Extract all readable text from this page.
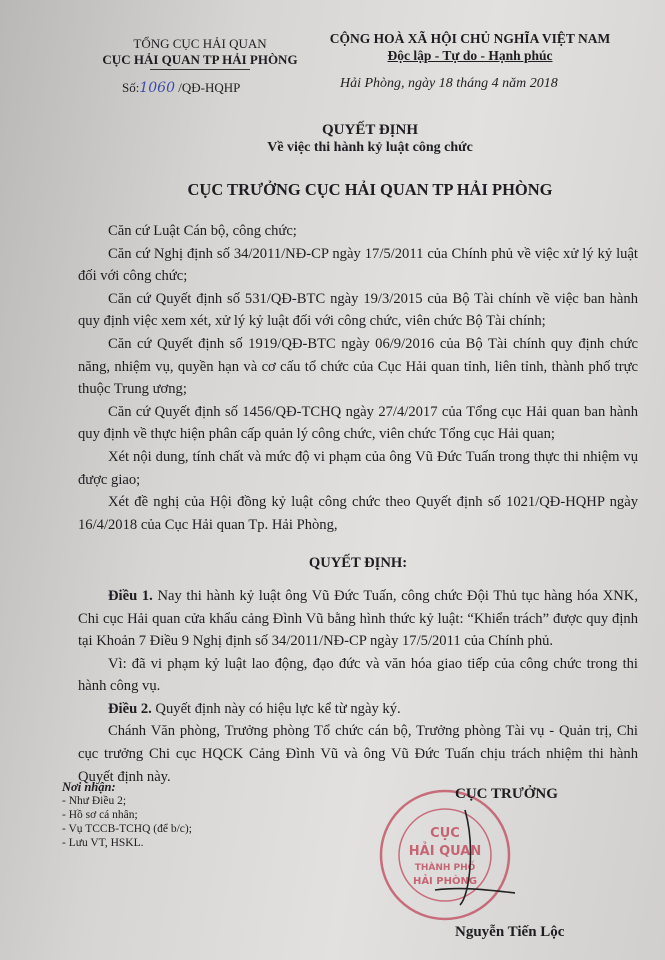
TỔNG CỤC HẢI QUAN
CỤC HẢI QUAN TP HẢI PHÒNG
CỘNG HOÀ XÃ HỘI CHỦ NGHĨA VIỆT NAM
Độc lập - Tự do - Hạnh phúc
Số:1060 /QĐ-HQHP	Hải Phòng, ngày 18 tháng 4 năm 2018
QUYẾT ĐỊNH
Về việc thi hành kỷ luật công chức
CỤC TRƯỞNG CỤC HẢI QUAN TP HẢI PHÒNG

Căn cứ Luật Cán bộ, công chức;

Căn cứ Nghị định số 34/2011/NĐ-CP ngày 17/5/2011 của Chính phủ về việc xử lý kỷ luật đối với công chức;

Căn cứ Quyết định số 531/QĐ-BTC ngày 19/3/2015 của Bộ Tài chính về việc ban hành quy định việc xem xét, xử lý kỷ luật đối với công chức, viên chức Bộ Tài chính;

Căn cứ Quyết định số 1919/QĐ-BTC ngày 06/9/2016 của Bộ Tài chính quy định chức năng, nhiệm vụ, quyền hạn và cơ cấu tổ chức của Cục Hải quan tỉnh, liên tỉnh, thành phố trực thuộc Trung ương;

Căn cứ Quyết định số 1456/QĐ-TCHQ ngày 27/4/2017 của Tổng cục Hải quan ban hành quy định về thực hiện phân cấp quản lý công chức, viên chức Tổng cục Hải quan;

Xét nội dung, tính chất và mức độ vi phạm của ông Vũ Đức Tuấn trong thực thi nhiệm vụ được giao;

Xét đề nghị của Hội đồng kỷ luật công chức theo Quyết định số 1021/QĐ-HQHP ngày 16/4/2018 của Cục Hải quan Tp. Hải Phòng,

QUYẾT ĐỊNH:

Điều 1. Nay thi hành kỷ luật ông Vũ Đức Tuấn, công chức Đội Thủ tục hàng hóa XNK, Chi cục Hải quan cửa khẩu cảng Đình Vũ bằng hình thức kỷ luật: “Khiển trách” được quy định tại Khoản 7 Điều 9 Nghị định số 34/2011/NĐ-CP ngày 17/5/2011 của Chính phủ.

Vì: đã vi phạm kỷ luật lao động, đạo đức và văn hóa giao tiếp của công chức trong thi hành công vụ.

Điều 2. Quyết định này có hiệu lực kể từ ngày ký.

Chánh Văn phòng, Trưởng phòng Tổ chức cán bộ, Trưởng phòng Tài vụ - Quản trị, Chi cục trưởng Chi cục HQCK Cảng Đình Vũ và ông Vũ Đức Tuấn chịu trách nhiệm thi hành Quyết định này.

Nơi nhận:
- Như Điều 2;
- Hồ sơ cá nhân;
- Vụ TCCB-TCHQ (để b/c);
- Lưu VT, HSKL.
CỤC
HẢI QUAN
THÀNH PHỐ
HẢI PHÒNG
CỤC TRƯỞNG
Nguyễn Tiến Lộc
